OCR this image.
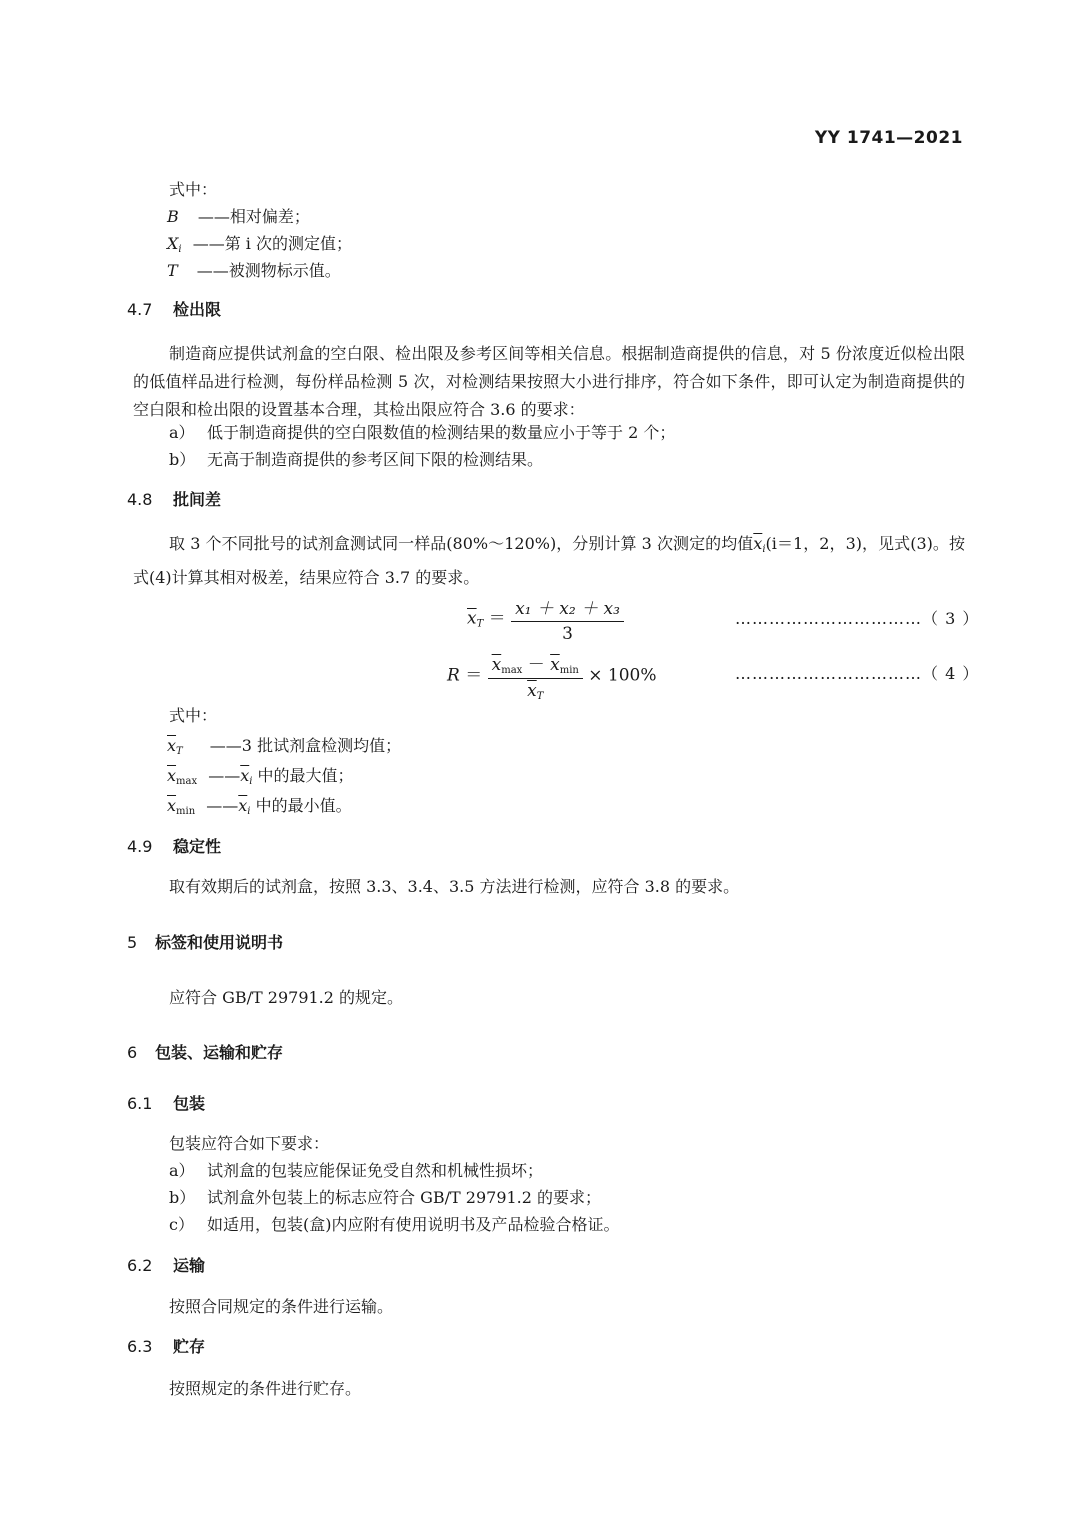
YY 1741—2021
式中：
B ——相对偏差；
Xi ——第 i 次的测定值；
T ——被测物标示值。
4.7 检出限
制造商应提供试剂盒的空白限、检出限及参考区间等相关信息。根据制造商提供的信息，对 5 份浓度近似检出限的低值样品进行检测，每份样品检测 5 次，对检测结果按照大小进行排序，符合如下条件，即可认定为制造商提供的空白限和检出限的设置基本合理，其检出限应符合 3.6 的要求：
a） 低于制造商提供的空白限数值的检测结果的数量应小于等于 2 个；
b） 无高于制造商提供的参考区间下限的检测结果。
4.8 批间差
取 3 个不同批号的试剂盒测试同一样品(80%～120%)，分别计算 3 次测定的均值$\overline{x}i(i=1$，2，3)，见式(3)。按式(4)计算其相对极差，结果应符合 3.7 的要求。
$\overline{x}_T = \frac{\text{x₁ ＋ x₂ ＋ x₃}}{3}$	……………………………（ 3 ）
$R = \frac{\overline{x}_{max} - \overline{x}_{min}}{\overline{x}T} \times 100\%$	……………………………（ 4 ）
式中：
$\overline{x}T$ ——3 批试剂盒检测均值；
$\overline{x}_{max}$ $——\overline{x}i$ 中的最大值；
$\overline{x}_{min}$ $——\overline{x}i$ 中的最小值。
4.9 稳定性
取有效期后的试剂盒，按照 3.3、3.4、3.5 方法进行检测，应符合 3.8 的要求。
5 标签和使用说明书
应符合 GB/T 29791.2 的规定。
6 包装、运输和贮存
6.1 包装
包装应符合如下要求：
a） 试剂盒的包装应能保证免受自然和机械性损坏；
b） 试剂盒外包装上的标志应符合 GB/T 29791.2 的要求；
c） 如适用，包装(盒)内应附有使用说明书及产品检验合格证。
6.2 运输
按照合同规定的条件进行运输。
6.3 贮存
按照规定的条件进行贮存。
